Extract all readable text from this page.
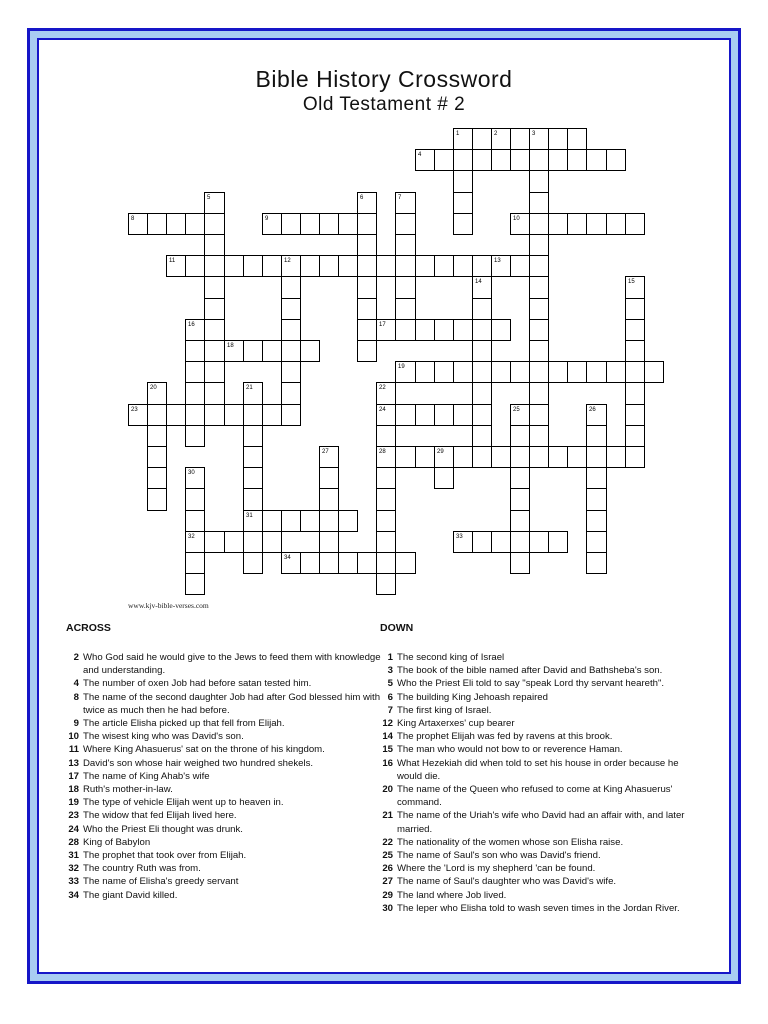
Bible History Crossword
Old Testament # 2
1	2	3
4
8	9	10
11	12	13
17
18
19
23	24
28	29
31
32	33
34
5	6	7
14	15
16
20	21	22
25	26
27
30
www.kjv-bible-verses.com
ACROSS
2 Who God said he would give to the Jews to feed them with knowledge and understanding.
4 The number of oxen Job had before satan tested him.
8 The name of the second daughter Job had after God blessed him with twice as much then he had before.
9 The article Elisha picked up that fell from Elijah.
10 The wisest king who was David's son.
11 Where King Ahasuerus' sat on the throne of his kingdom.
13 David's son whose hair weighed two hundred shekels.
17 The name of King Ahab's wife
18 Ruth's mother-in-law.
19 The type of vehicle Elijah went up to heaven in.
23 The widow that fed Elijah lived here.
24 Who the Priest Eli thought was drunk.
28 King of Babylon
31 The prophet that took over from Elijah.
32 The country Ruth was from.
33 The name of Elisha's greedy servant
34 The giant David killed.
DOWN
1 The second king of Israel
3 The book of the bible named after David and Bathsheba's son.
5 Who the Priest Eli told to say "speak Lord thy servant heareth".
6 The building King Jehoash repaired
7 The first king of Israel.
12 King Artaxerxes' cup bearer
14 The prophet Elijah was fed by ravens at this brook.
15 The man who would not bow to or reverence Haman.
16 What Hezekiah did when told to set his house in order because he would die.
20 The name of the Queen who refused to come at King Ahasuerus' command.
21 The name of the Uriah's wife who David had an affair with, and later married.
22 The nationality of the women whose son Elisha raise.
25 The name of Saul's son who was David's friend.
26 Where the 'Lord is my shepherd 'can be found.
27 The name of Saul's daughter who was David's wife.
29 The land where Job lived.
30 The leper who Elisha told to wash seven times in the Jordan River.
